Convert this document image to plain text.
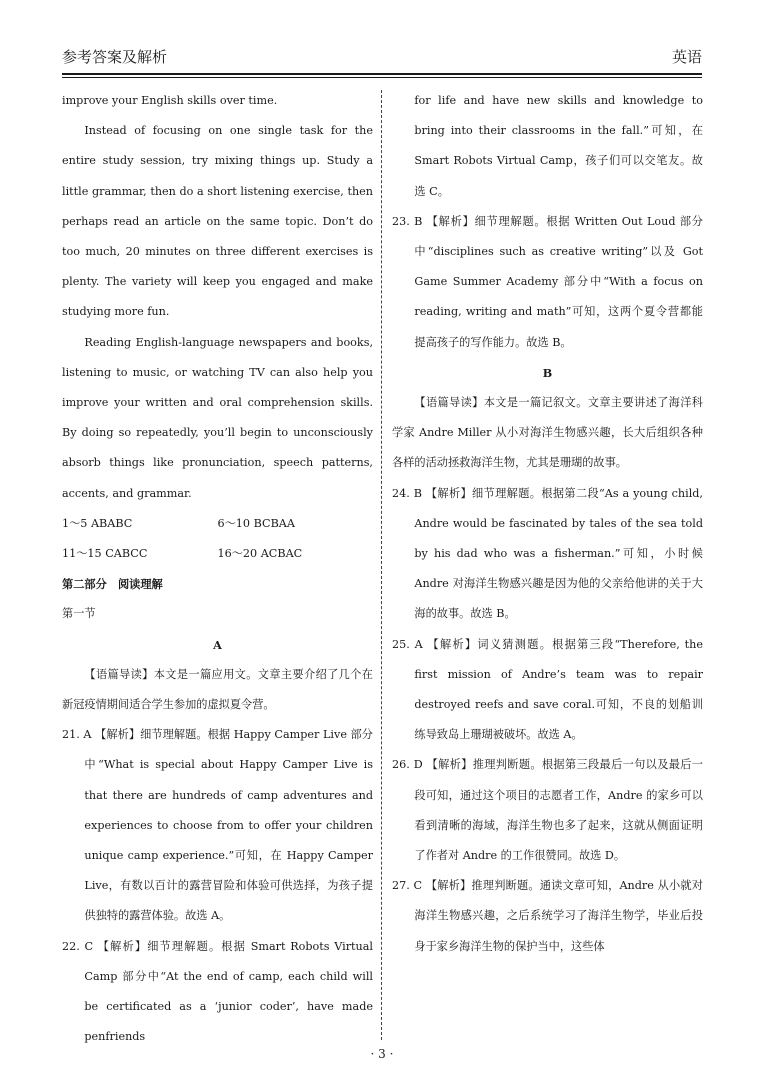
参考答案及解析	英语

improve your English skills over time.

Instead of focusing on one single task for the entire study session, try mixing things up. Study a little grammar, then do a short listening exercise, then perhaps read an article on the same topic. Don’t do too much, 20 minutes on three different exercises is plenty. The variety will keep you engaged and make studying more fun.

Reading English-language newspapers and books, listening to music, or watching TV can also help you improve your written and oral comprehension skills. By doing so repeatedly, you’ll begin to unconsciously absorb things like pronunciation, speech patterns, accents, and grammar.

1～5 ABABC	6～10 BCBAA
11～15 CABCC	16～20 ACBAC

第二部分　阅读理解

第一节

A

【语篇导读】本文是一篇应用文。文章主要介绍了几个在新冠疫情期间适合学生参加的虚拟夏令营。

21. A 【解析】细节理解题。根据 Happy Camper Live 部分中“What is special about Happy Camper Live is that there are hundreds of camp adventures and experiences to choose from to offer your children unique camp experience.”可知，在 Happy Camper Live，有数以百计的露营冒险和体验可供选择，为孩子提供独特的露营体验。故选 A。

22. C 【解析】细节理解题。根据 Smart Robots Virtual Camp 部分中“At the end of camp, each child will be certificated as a ‘junior coder’, have made penfriends

for life and have new skills and knowledge to bring into their classrooms in the fall.”可知，在 Smart Robots Virtual Camp，孩子们可以交笔友。故选 C。

23. B 【解析】细节理解题。根据 Written Out Loud 部分中“disciplines such as creative writing”以及 Got Game Summer Academy 部分中“With a focus on reading, writing and math”可知，这两个夏令营都能提高孩子的写作能力。故选 B。

B

【语篇导读】本文是一篇记叙文。文章主要讲述了海洋科学家 Andre Miller 从小对海洋生物感兴趣，长大后组织各种各样的活动拯救海洋生物，尤其是珊瑚的故事。

24. B 【解析】细节理解题。根据第二段“As a young child, Andre would be fascinated by tales of the sea told by his dad who was a fisherman.”可知，小时候 Andre 对海洋生物感兴趣是因为他的父亲给他讲的关于大海的故事。故选 B。

25. A 【解析】词义猜测题。根据第三段“Therefore, the first mission of Andre’s team was to repair destroyed reefs and save coral.可知，不良的划船训练导致岛上珊瑚被破坏。故选 A。

26. D 【解析】推理判断题。根据第三段最后一句以及最后一段可知，通过这个项目的志愿者工作，Andre 的家乡可以看到清晰的海域，海洋生物也多了起来，这就从侧面证明了作者对 Andre 的工作很赞同。故选 D。

27. C 【解析】推理判断题。通读文章可知，Andre 从小就对海洋生物感兴趣，之后系统学习了海洋生物学，毕业后投身于家乡海洋生物的保护当中，这些体

· 3 ·
